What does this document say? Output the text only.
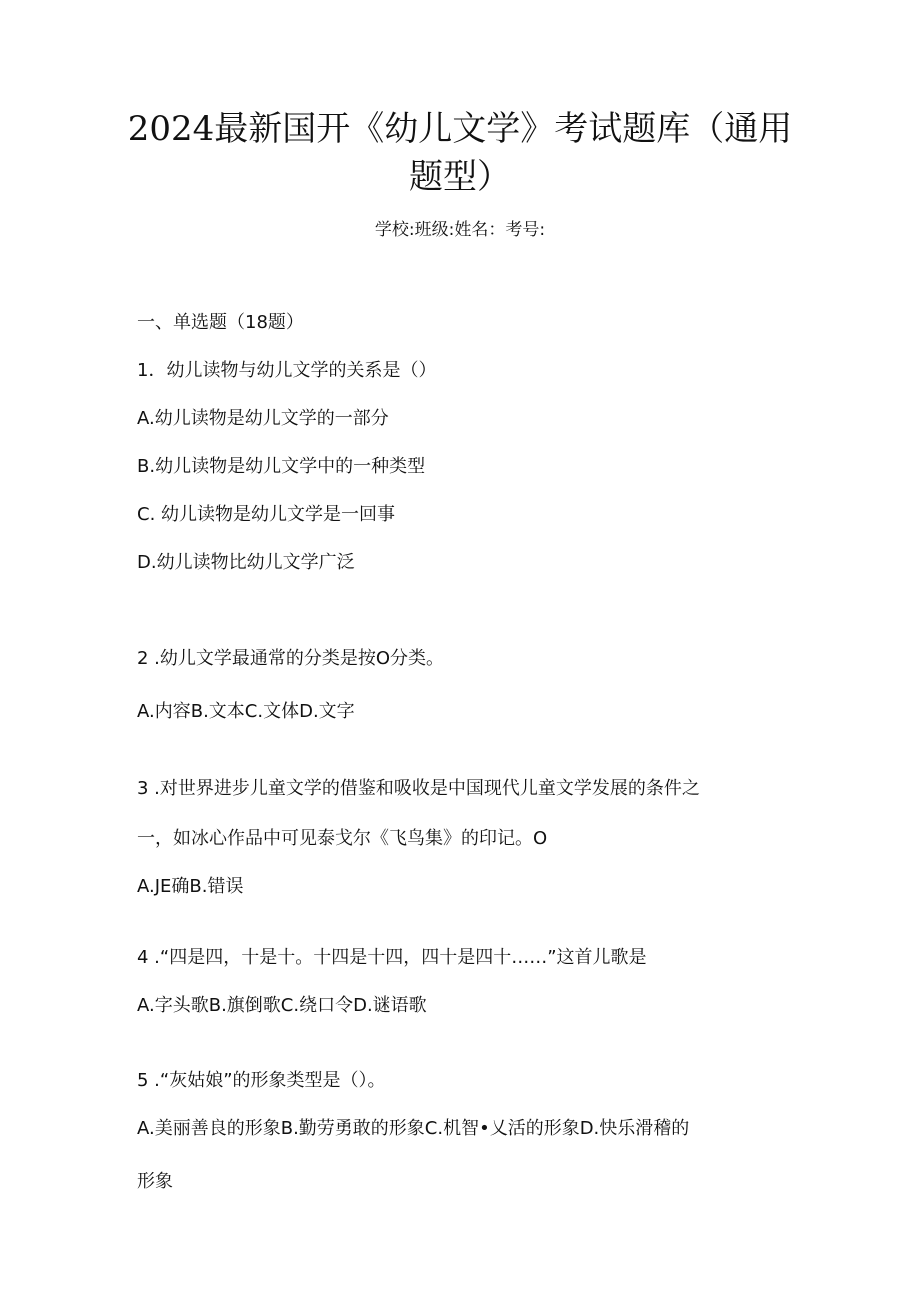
2024最新国开《幼儿文学》考试题库（通用
题型）
学校:班级:姓名：考号:
一、单选题（18题）
1．幼儿读物与幼儿文学的关系是（）
A.幼儿读物是幼儿文学的一部分
B.幼儿读物是幼儿文学中的一种类型
C. 幼儿读物是幼儿文学是一回事
D.幼儿读物比幼儿文学广泛
2 .幼儿文学最通常的分类是按O分类。
A.内容B.文本C.文体D.文字
3 .对世界进步儿童文学的借鉴和吸收是中国现代儿童文学发展的条件之
一，如冰心作品中可见泰戈尔《飞鸟集》的印记。O
A.JE确B.错误
4 .“四是四，十是十。十四是十四，四十是四十……”这首儿歌是
A.字头歌B.旗倒歌C.绕口令D.谜语歌
5 .“灰姑娘”的形象类型是（）。
A.美丽善良的形象B.勤劳勇敢的形象C.机智•乂活的形象D.快乐滑稽的
形象
